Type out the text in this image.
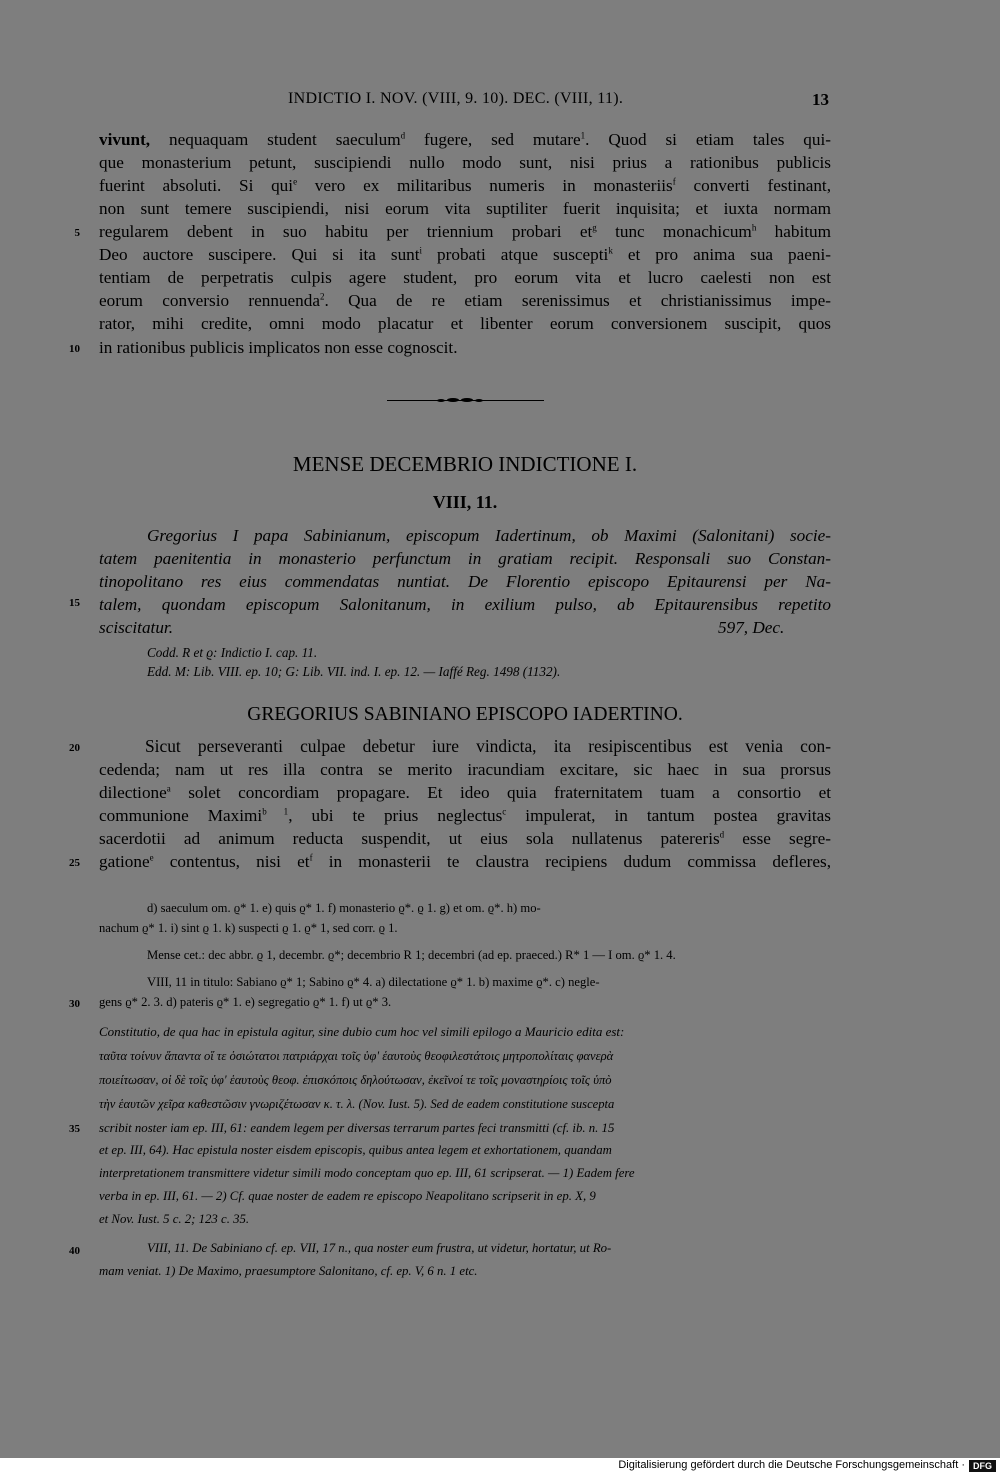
INDICTIO I. NOV. (VIII, 9. 10). DEC. (VIII, 11).	13
vivunt, nequaquam student saeculum$^d$ fugere, sed mutare$^1$. Quod si etiam tales qui-
que monasterium petunt, suscipiendi nullo modo sunt, nisi prius a rationibus publicis
fuerint absoluti. Si qui$^e$ vero ex militaribus numeris in monasteriis$^f$ converti festinant,
non sunt temere suscipiendi, nisi eorum vita suptiliter fuerit inquisita; et iuxta normam
regularem debent in suo habitu per triennium probari $et^g$ tunc monachicum$^h$ habitum
Deo auctore suscipere. Qui si ita sunt$^i$ probati atque suscepti$^k$ et pro anima sua paeni-
tentiam de perpetratis culpis agere student, pro eorum vita et lucro caelesti non est
eorum conversio rennuenda$^2$. Qua de re etiam serenissimus et christianissimus impe-
rator, mihi credite, omni modo placatur et libenter eorum conversionem suscipit, quos
in rationibus publicis implicatos non esse cognoscit.
5
10
15
20
25
30
35
40
MENSE DECEMBRIO INDICTIONE I.
VIII, 11.
Gregorius I papa Sabinianum, episcopum Iadertinum, ob Maximi (Salonitani) socie-
tatem paenitentia in monasterio perfunctum in gratiam recipit. Responsali suo Constan-
tinopolitano res eius commendatas nuntiat. De Florentio episcopo Epitaurensi per Na-
talem, quondam episcopum Salonitanum, in exilium pulso, ab Epitaurensibus repetito
sciscitatur.	597, Dec.
Codd. R et ϱ: Indictio I. cap. 11.
Edd. M: Lib. VIII. ep. 10; G: Lib. VII. ind. I. ep. 12. — Iaffé Reg. 1498 (1132).
GREGORIUS SABINIANO EPISCOPO IADERTINO.
Sicut perseveranti culpae debetur iure vindicta, ita resipiscentibus est venia con-
cedenda; nam ut res illa contra se merito iracundiam excitare, sic haec in sua prorsus
dilectione$^a$ solet concordiam propagare. Et ideo quia fraternitatem tuam a consortio et
communione Maximi$^{b 1}$, ubi te prius neglectus$^c$ impulerat, in tantum postea gravitas
sacerdotii ad animum reducta suspendit, ut eius sola nullatenus patereris$^d$ esse segre-
gatione$^e$ contentus, nisi $et^f$ in monasterii te claustra recipiens dudum commissa defleres,
d) saeculum om. ϱ* 1. e) quis ϱ* 1. f) monasterio ϱ*. ϱ 1. g) et om. ϱ*. h) mo-
nachum ϱ* 1. i) sint ϱ 1. k) suspecti ϱ 1. ϱ* 1, sed corr. ϱ 1.
Mense cet.: dec abbr. ϱ 1, decembr. ϱ*; decembrio R 1; decembri (ad ep. praeced.) R* 1 — I om. ϱ* 1. 4.
VIII, 11 in titulo: Sabiano ϱ* 1; Sabino ϱ* 4. a) dilectatione ϱ* 1. b) maxime ϱ*. c) negle-
gens ϱ* 2. 3. d) pateris ϱ* 1. e) segregatio ϱ* 1. f) ut ϱ* 3.
Constitutio, de qua hac in epistula agitur, sine dubio cum hoc vel simili epilogo a Mauricio edita est:
ταῦτα τοίνυν ἅπαντα οἵ τε ὁσιώτατοι πατριάρχαι τοῖς ὑφ' ἑαυτοὺς θεοφιλεστάτοις μητροπολίταις φανερὰ
ποιείτωσαν, οἱ δὲ τοῖς ὑφ' ἑαυτοὺς θεοφ. ἐπισκόποις δηλούτωσαν, ἐκεῖνοί τε τοῖς μοναστηρίοις τοῖς ὑπὸ
τὴν ἑαυτῶν χεῖρα καθεστῶσιν γνωριζέτωσαν κ. τ. λ. (Nov. Iust. 5). Sed de eadem constitutione suscepta
scribit noster iam ep. III, 61: eandem legem per diversas terrarum partes feci transmitti (cf. ib. n. 15
et ep. III, 64). Hac epistula noster eisdem episcopis, quibus antea legem et exhortationem, quandam
interpretationem transmittere videtur simili modo conceptam quo ep. III, 61 scripserat. — 1) Eadem fere
verba in ep. III, 61. — 2) Cf. quae noster de eadem re episcopo Neapolitano scripserit in ep. X, 9
et Nov. Iust. 5 c. 2; 123 c. 35.
VIII, 11. De Sabiniano cf. ep. VII, 17 n., qua noster eum frustra, ut videtur, hortatur, ut Ro-
mam veniat. 1) De Maximo, praesumptore Salonitano, cf. ep. V, 6 n. 1 etc.
Digitalisierung gefördert durch die Deutsche Forschungsgemeinschaft · DFG
